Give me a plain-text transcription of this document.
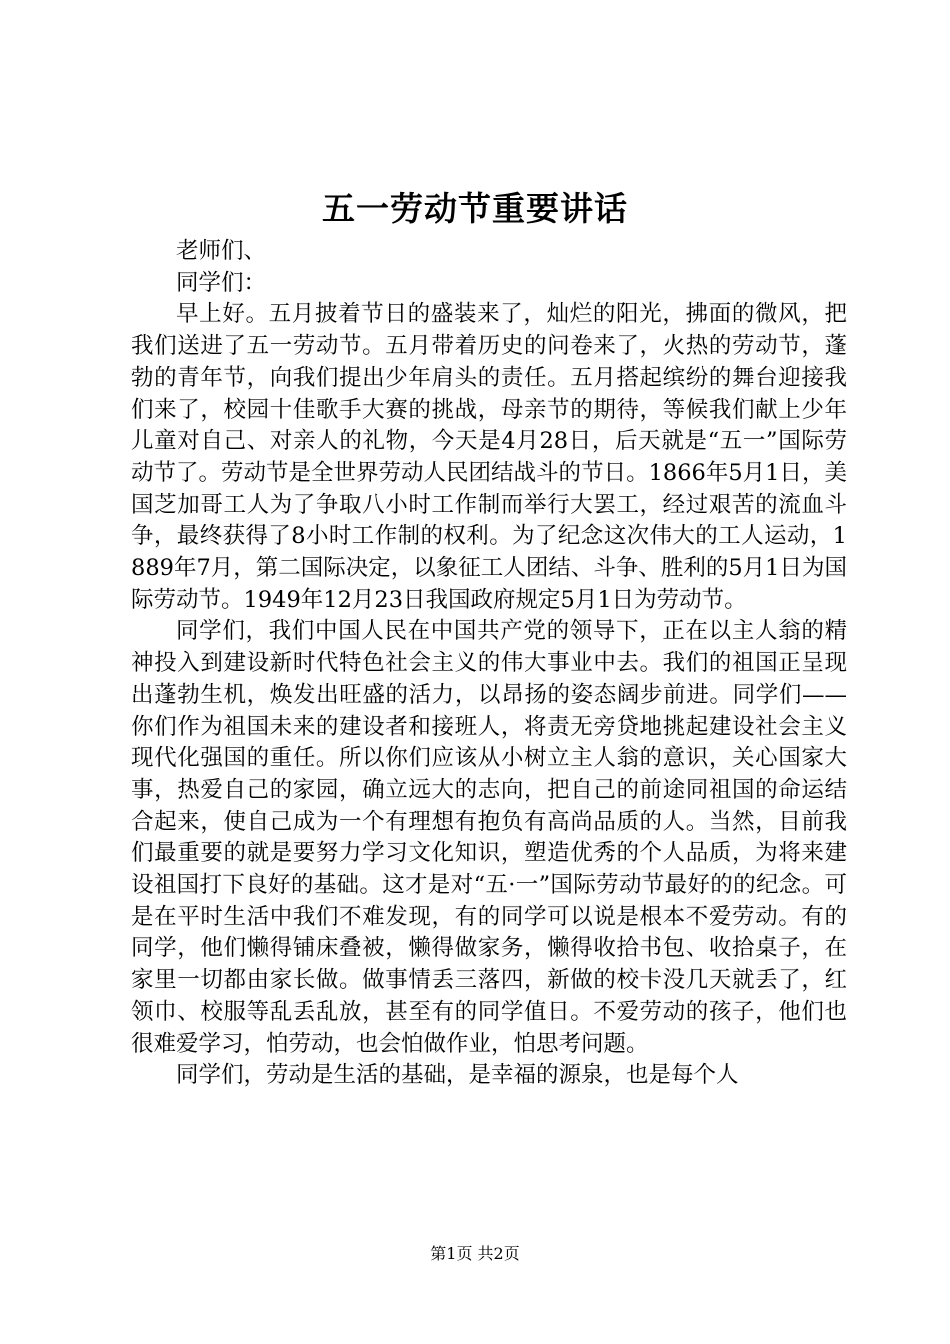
五一劳动节重要讲话

老师们、

同学们：

早上好。五月披着节日的盛装来了，灿烂的阳光，拂面的微风，把我们送进了五一劳动节。五月带着历史的问卷来了，火热的劳动节，蓬勃的青年节，向我们提出少年肩头的责任。五月搭起缤纷的舞台迎接我们来了，校园十佳歌手大赛的挑战，母亲节的期待，等候我们献上少年儿童对自己、对亲人的礼物，今天是4月28日，后天就是“五一”国际劳动节了。劳动节是全世界劳动人民团结战斗的节日。1866年5月1日，美国芝加哥工人为了争取八小时工作制而举行大罢工，经过艰苦的流血斗争，最终获得了8小时工作制的权利。为了纪念这次伟大的工人运动，1889年7月，第二国际决定，以象征工人团结、斗争、胜利的5月1日为国际劳动节。1949年12月23日我国政府规定5月1日为劳动节。

同学们，我们中国人民在中国共产党的领导下，正在以主人翁的精神投入到建设新时代特色社会主义的伟大事业中去。我们的祖国正呈现出蓬勃生机，焕发出旺盛的活力，以昂扬的姿态阔步前进。同学们——你们作为祖国未来的建设者和接班人，将责无旁贷地挑起建设社会主义现代化强国的重任。所以你们应该从小树立主人翁的意识，关心国家大事，热爱自己的家园，确立远大的志向，把自己的前途同祖国的命运结合起来，使自己成为一个有理想有抱负有高尚品质的人。当然，目前我们最重要的就是要努力学习文化知识，塑造优秀的个人品质，为将来建设祖国打下良好的基础。这才是对“五·一”国际劳动节最好的的纪念。可是在平时生活中我们不难发现，有的同学可以说是根本不爱劳动。有的同学，他们懒得铺床叠被，懒得做家务，懒得收拾书包、收拾桌子，在家里一切都由家长做。做事情丢三落四，新做的校卡没几天就丢了，红领巾、校服等乱丢乱放，甚至有的同学值日。不爱劳动的孩子，他们也很难爱学习，怕劳动，也会怕做作业，怕思考问题。

同学们，劳动是生活的基础，是幸福的源泉，也是每个人

第1页 共2页
